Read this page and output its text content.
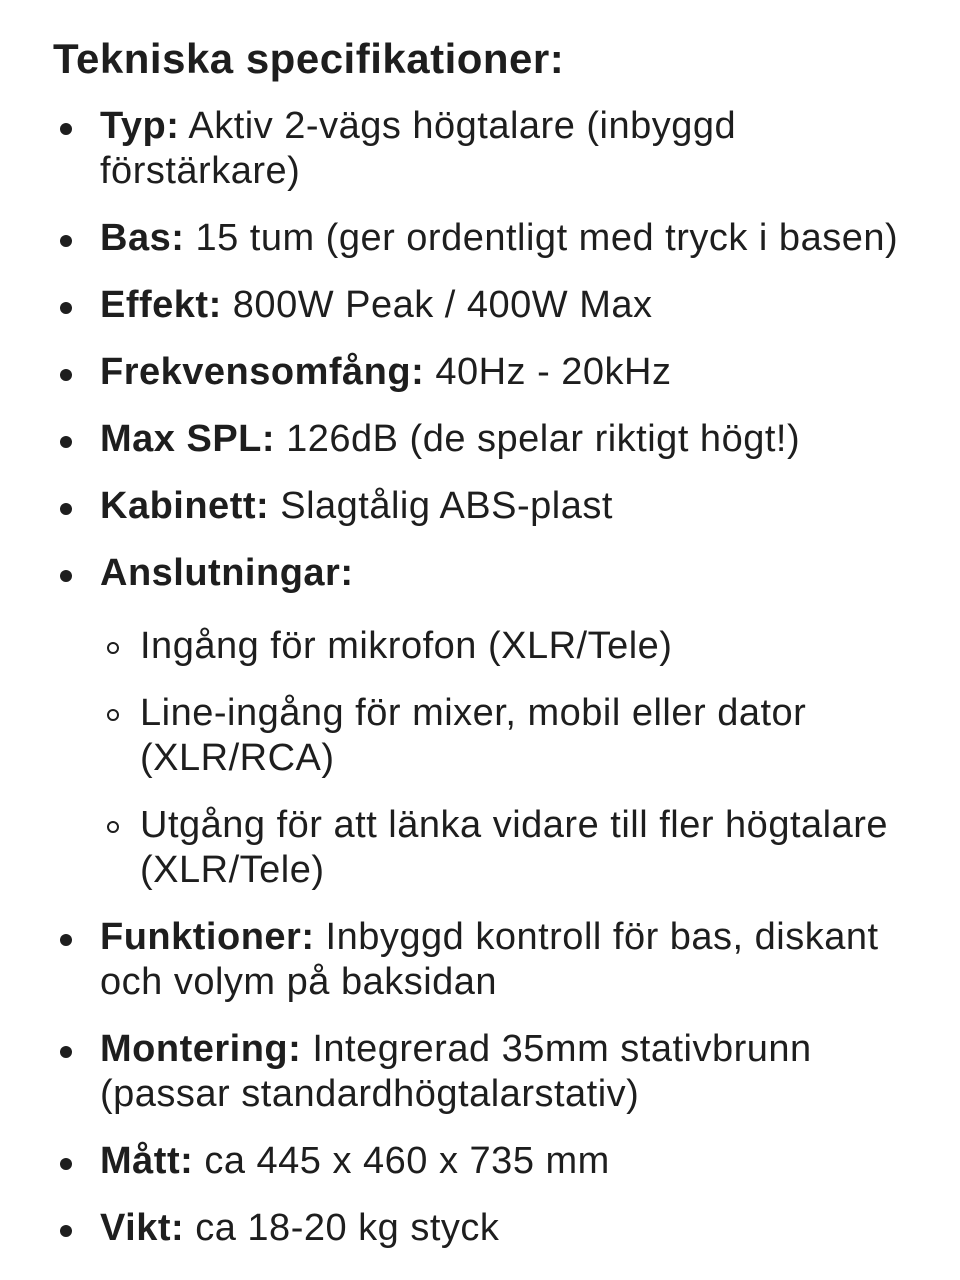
Tekniska specifikationer:
Typ: Aktiv 2-vägs högtalare (inbyggd förstärkare)
Bas: 15 tum (ger ordentligt med tryck i basen)
Effekt: 800W Peak / 400W Max
Frekvensomfång: 40Hz - 20kHz
Max SPL: 126dB (de spelar riktigt högt!)
Kabinett: Slagtålig ABS-plast
Anslutningar:
Ingång för mikrofon (XLR/Tele)
Line-ingång för mixer, mobil eller dator (XLR/RCA)
Utgång för att länka vidare till fler högtalare (XLR/Tele)
Funktioner: Inbyggd kontroll för bas, diskant och volym på baksidan
Montering: Integrerad 35mm stativbrunn (passar standardhögtalarstativ)
Mått: ca 445 x 460 x 735 mm
Vikt: ca 18-20 kg styck
